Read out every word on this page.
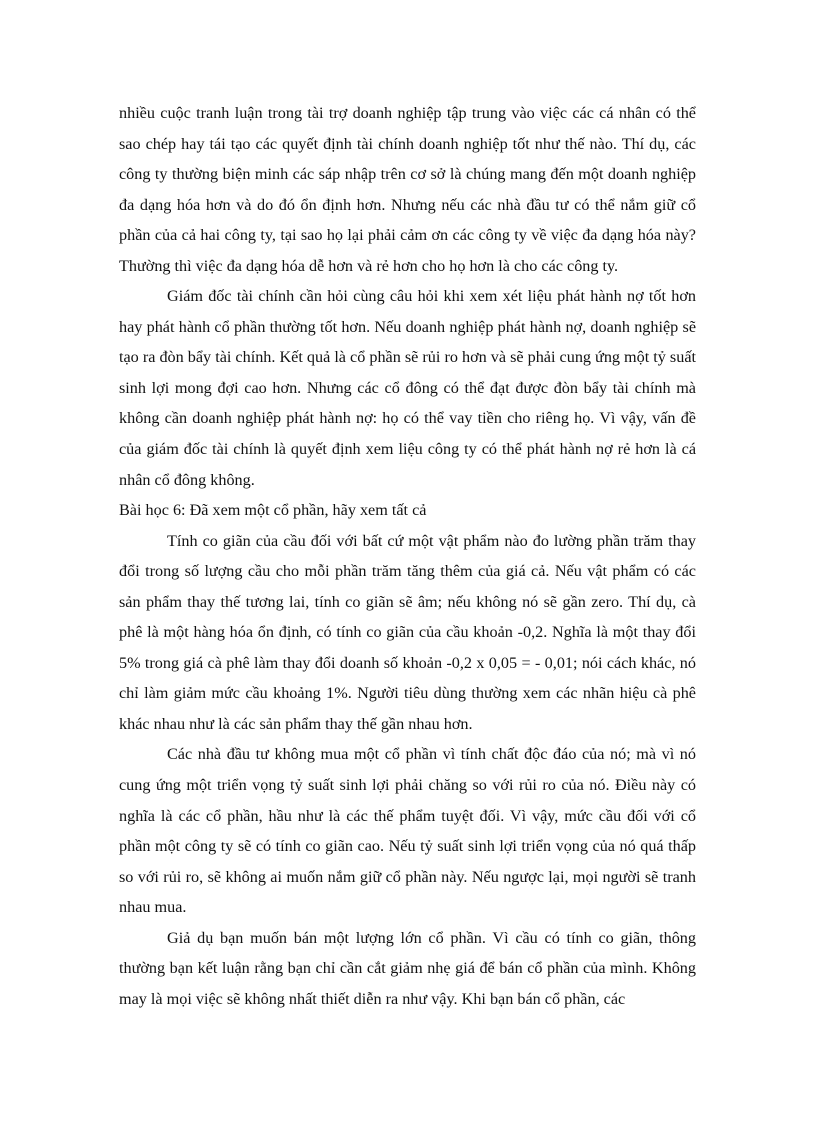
nhiều cuộc tranh luận trong tài trợ doanh nghiệp tập trung vào việc các cá nhân có thể sao chép hay tái tạo các quyết định tài chính doanh nghiệp tốt như thế nào. Thí dụ, các công ty thường biện minh các sáp nhập trên cơ sở là chúng mang đến một doanh nghiệp đa dạng hóa hơn và do đó ổn định hơn. Nhưng nếu các nhà đầu tư có thể nắm giữ cổ phần của cả hai công ty, tại sao họ lại phải cảm ơn các công ty về việc đa dạng hóa này? Thường thì việc đa dạng hóa dễ hơn và rẻ hơn cho họ hơn là cho các công ty.

Giám đốc tài chính cần hỏi cùng câu hỏi khi xem xét liệu phát hành nợ tốt hơn hay phát hành cổ phần thường tốt hơn. Nếu doanh nghiệp phát hành nợ, doanh nghiệp sẽ tạo ra đòn bẩy tài chính. Kết quả là cổ phần sẽ rủi ro hơn và sẽ phải cung ứng một tỷ suất sinh lợi mong đợi cao hơn. Nhưng các cổ đông có thể đạt được đòn bẩy tài chính mà không cần doanh nghiệp phát hành nợ: họ có thể vay tiền cho riêng họ. Vì vậy, vấn đề của giám đốc tài chính là quyết định xem liệu công ty có thể phát hành nợ rẻ hơn là cá nhân cổ đông không.

Bài học 6: Đã xem một cổ phần, hãy xem tất cả

Tính co giãn của cầu đối với bất cứ một vật phẩm nào đo lường phần trăm thay đổi trong số lượng cầu cho mỗi phần trăm tăng thêm của giá cả. Nếu vật phẩm có các sản phẩm thay thế tương lai, tính co giãn sẽ âm; nếu không nó sẽ gần zero. Thí dụ, cà phê là một hàng hóa ổn định, có tính co giãn của cầu khoản -0,2. Nghĩa là một thay đổi 5% trong giá cà phê làm thay đổi doanh số khoản -0,2 x 0,05 = - 0,01; nói cách khác, nó chỉ làm giảm mức cầu khoảng 1%. Người tiêu dùng thường xem các nhãn hiệu cà phê khác nhau như là các sản phẩm thay thế gần nhau hơn.

Các nhà đầu tư không mua một cổ phần vì tính chất độc đáo của nó; mà vì nó cung ứng một triển vọng tỷ suất sinh lợi phải chăng so với rủi ro của nó. Điều này có nghĩa là các cổ phần, hầu như là các thế phẩm tuyệt đối. Vì vậy, mức cầu đối với cổ phần một công ty sẽ có tính co giãn cao. Nếu tỷ suất sinh lợi triển vọng của nó quá thấp so với rủi ro, sẽ không ai muốn nắm giữ cổ phần này. Nếu ngược lại, mọi người sẽ tranh nhau mua.

Giả dụ bạn muốn bán một lượng lớn cổ phần. Vì cầu có tính co giãn, thông thường bạn kết luận rằng bạn chỉ cần cắt giảm nhẹ giá để bán cổ phần của mình. Không may là mọi việc sẽ không nhất thiết diễn ra như vậy. Khi bạn bán cổ phần, các
